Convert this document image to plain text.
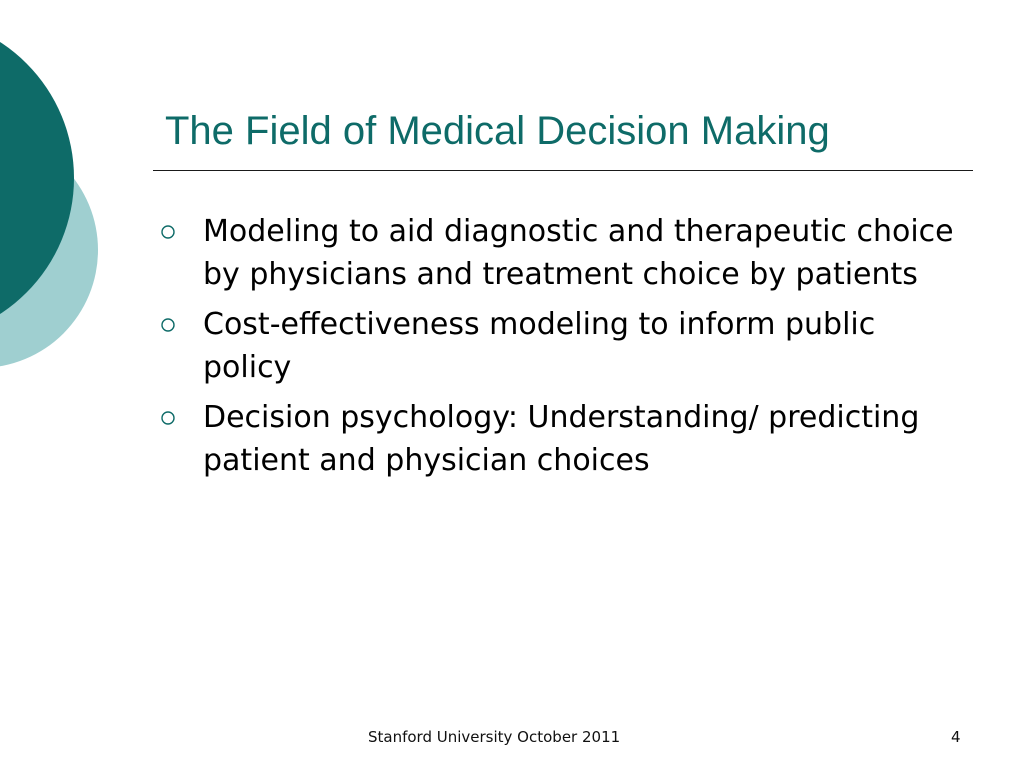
The Field of Medical Decision Making
Modeling to aid diagnostic and therapeutic choice by physicians and treatment choice by patients
Cost-effectiveness modeling to inform public policy
Decision psychology: Understanding/ predicting patient and physician choices
Stanford University October 2011	4
